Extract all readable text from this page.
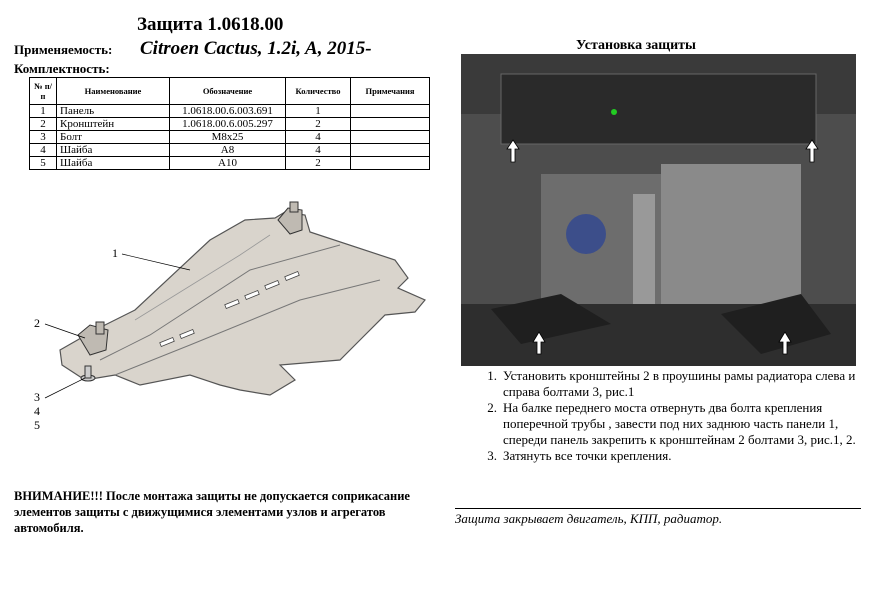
Защита 1.0618.00
Применяемость: Citroen Cactus, 1.2i, A, 2015-
Комплектность:
№ п/п	Наименование	Обозначение	Количество	Примечания
1	Панель	1.0618.00.6.003.691	1	
2	Кронштейн	1.0618.00.6.005.297	2	
3	Болт	M8x25	4	
4	Шайба	A8	4	
5	Шайба	A10	2	
1
2
3
4
5
ВНИМАНИЕ!!! После монтажа защиты не допускается соприкасание элементов защиты с движущимися элементами узлов и агрегатов автомобиля.
Установка защиты
1. Установить кронштейны 2 в проушины рамы радиатора слева и справа болтами 3, рис.1
2. На балке переднего моста отвернуть два болта крепления поперечной трубы , завести под них заднюю часть панели 1, спереди панель закрепить к кронштейнам 2 болтами 3, рис.1, 2.
3. Затянуть все точки крепления.
Защита закрывает двигатель, КПП, радиатор.
